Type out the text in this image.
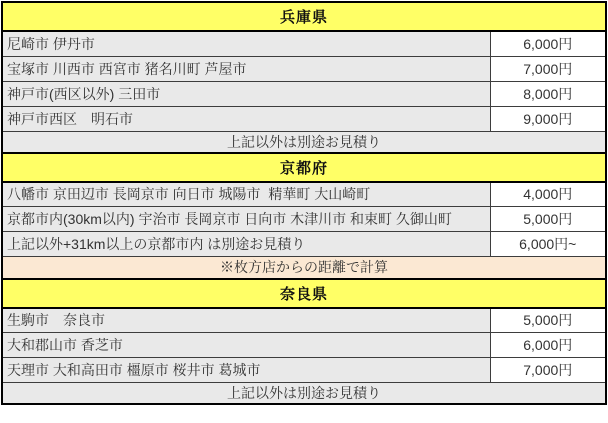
兵庫県	
尼崎市 伊丹市	6,000円
宝塚市 川西市 西宮市 猪名川町 芦屋市	7,000円
神戸市(西区以外) 三田市	8,000円
神戸市西区　明石市	9,000円
上記以外は別途お見積り	
京都府	
八幡市 京田辺市 長岡京市 向日市 城陽市  精華町 大山崎町	4,000円
京都市内(30km以内) 宇治市 長岡京市 日向市 木津川市 和束町 久御山町	5,000円
上記以外+31km以上の京都市内 は別途お見積り	6,000円~
※枚方店からの距離で計算	
奈良県	
生駒市　奈良市	5,000円
大和郡山市 香芝市	6,000円
天理市 大和高田市 橿原市 桜井市 葛城市	7,000円
上記以外は別途お見積り	
